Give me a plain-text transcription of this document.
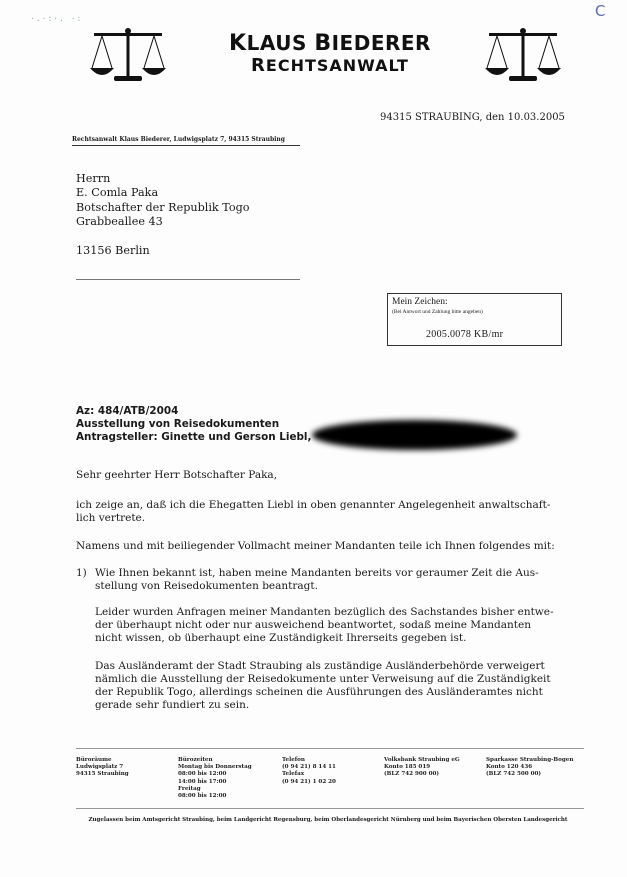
C
·.·:·. ·:
KLAUS BIEDERER
RECHTSANWALT
94315 STRAUBING, den 10.03.2005
Rechtsanwalt Klaus Biederer, Ludwigsplatz 7, 94315 Straubing
Herrn
E. Comla Paka
Botschafter der Republik Togo
Grabbeallee 43
13156 Berlin
Mein Zeichen:
(Bei Antwort und Zahlung bitte angeben)
2005.0078 KB/mr
Az: 484/ATB/2004
Ausstellung von Reisedokumenten
Antragsteller: Ginette und Gerson Liebl,
Sehr geehrter Herr Botschafter Paka,
ich zeige an, daß ich die Ehegatten Liebl in oben genannter Angelegenheit anwaltschaft-
lich vertrete.
Namens und mit beiliegender Vollmacht meiner Mandanten teile ich Ihnen folgendes mit:
1) Wie Ihnen bekannt ist, haben meine Mandanten bereits vor geraumer Zeit die Aus-
stellung von Reisedokumenten beantragt.
Leider wurden Anfragen meiner Mandanten bezüglich des Sachstandes bisher entwe-
der überhaupt nicht oder nur ausweichend beantwortet, sodaß meine Mandanten
nicht wissen, ob überhaupt eine Zuständigkeit Ihrerseits gegeben ist.
Das Ausländeramt der Stadt Straubing als zuständige Ausländerbehörde verweigert
nämlich die Ausstellung der Reisedokumente unter Verweisung auf die Zuständigkeit
der Republik Togo, allerdings scheinen die Ausführungen des Ausländeramtes nicht
gerade sehr fundiert zu sein.
Büroräume
Ludwigsplatz 7
94315 Straubing
Bürozeiten
Montag bis Donnerstag
08:00 bis 12:00
14:00 bis 17:00
Freitag
08:00 bis 12:00
Telefon
(0 94 21) 8 14 11
Telefax
(0 94 21) 1 02 20
Volksbank Straubing eG
Konto 185 019
(BLZ 742 900 00)
Sparkasse Straubing-Bogen
Konto 120 436
(BLZ 742 500 00)
Zugelassen beim Amtsgericht Straubing, beim Landgericht Regensburg, beim Oberlandesgericht Nürnberg und beim Bayerischen Obersten Landesgericht
